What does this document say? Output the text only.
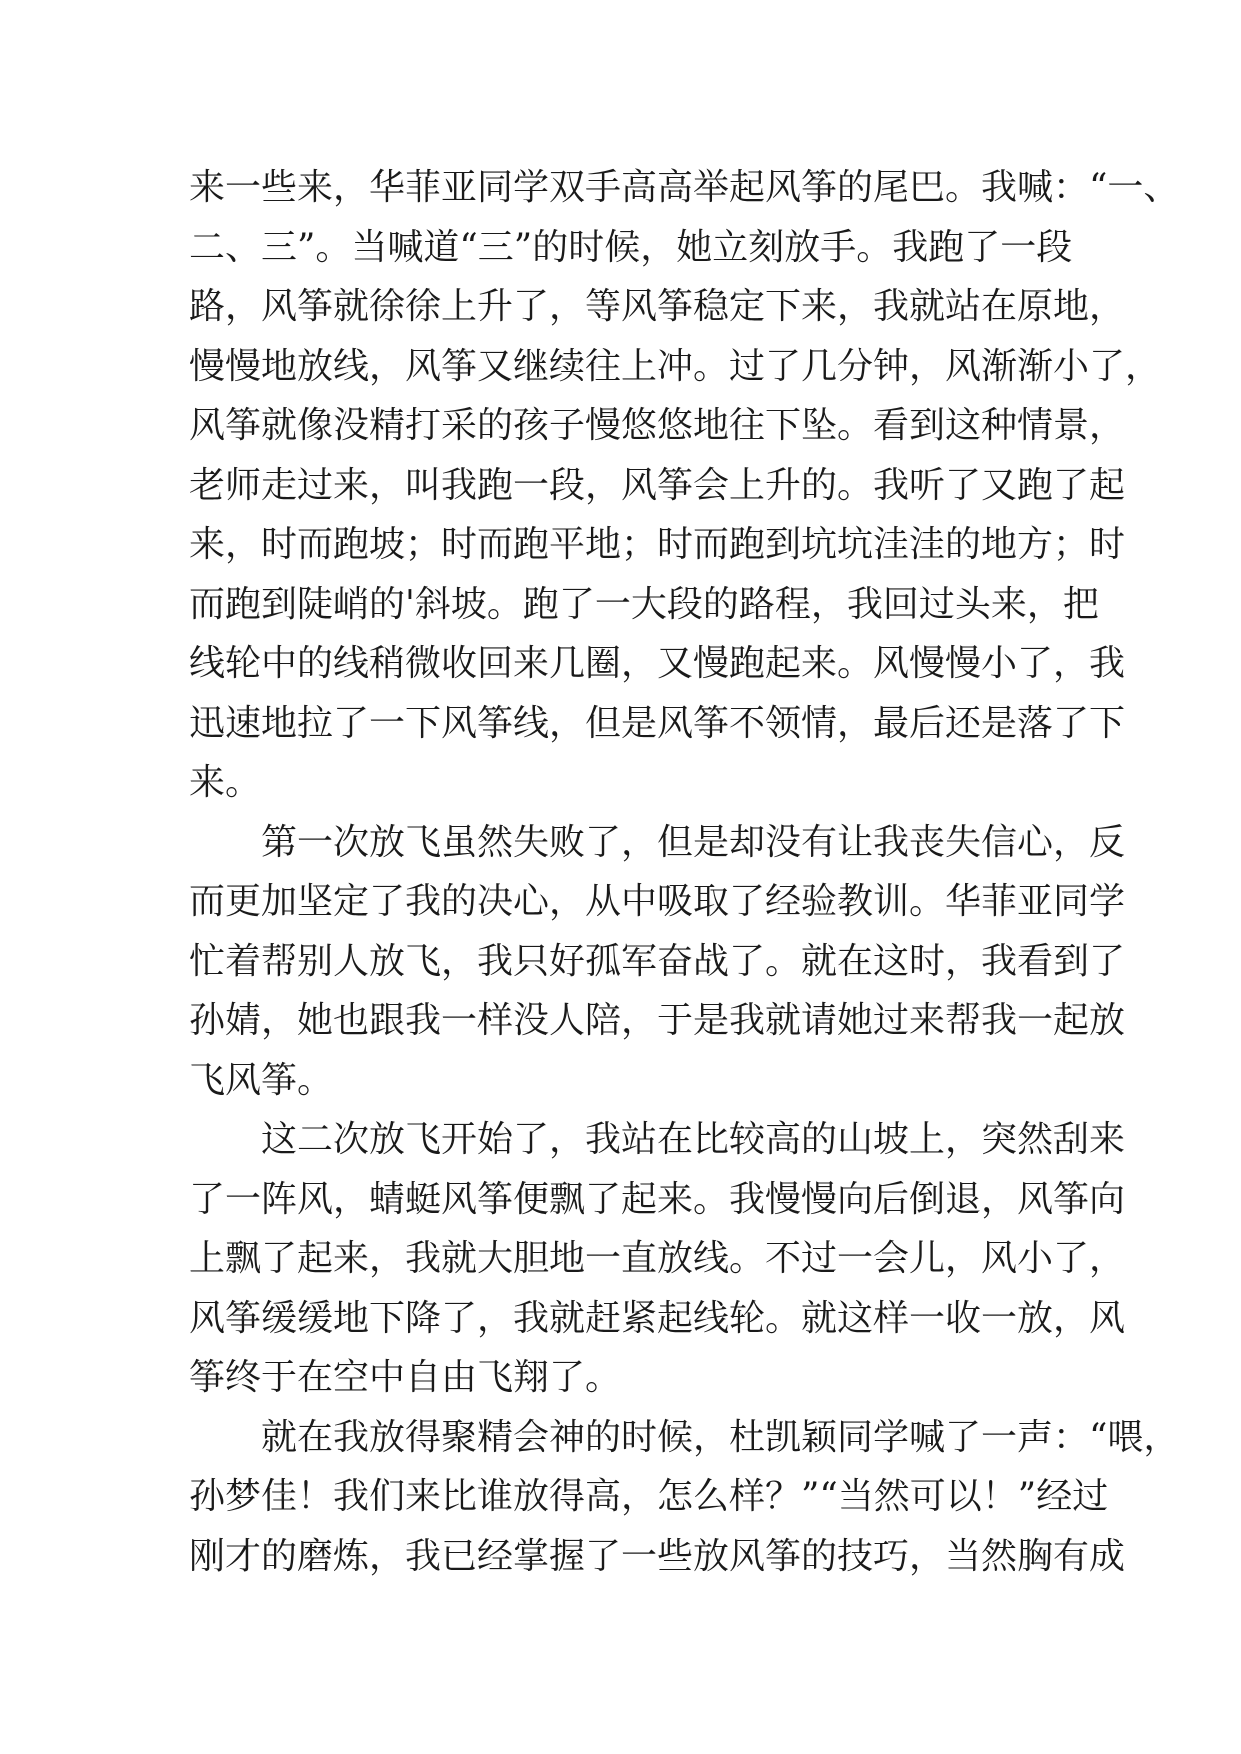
来一些来，华菲亚同学双手高高举起风筝的尾巴。我喊：“一、
二、三”。当喊道“三”的时候，她立刻放手。我跑了一段
路，风筝就徐徐上升了，等风筝稳定下来，我就站在原地，
慢慢地放线，风筝又继续往上冲。过了几分钟，风渐渐小了，
风筝就像没精打采的孩子慢悠悠地往下坠。看到这种情景，
老师走过来，叫我跑一段，风筝会上升的。我听了又跑了起
来，时而跑坡；时而跑平地；时而跑到坑坑洼洼的地方；时
而跑到陡峭的'斜坡。跑了一大段的路程，我回过头来，把
线轮中的线稍微收回来几圈，又慢跑起来。风慢慢小了，我
迅速地拉了一下风筝线，但是风筝不领情，最后还是落了下
来。
第一次放飞虽然失败了，但是却没有让我丧失信心，反
而更加坚定了我的决心，从中吸取了经验教训。华菲亚同学
忙着帮别人放飞，我只好孤军奋战了。就在这时，我看到了
孙婧，她也跟我一样没人陪，于是我就请她过来帮我一起放
飞风筝。
这二次放飞开始了，我站在比较高的山坡上，突然刮来
了一阵风，蜻蜓风筝便飘了起来。我慢慢向后倒退，风筝向
上飘了起来，我就大胆地一直放线。不过一会儿，风小了，
风筝缓缓地下降了，我就赶紧起线轮。就这样一收一放，风
筝终于在空中自由飞翔了。
就在我放得聚精会神的时候，杜凯颖同学喊了一声：“喂，
孙梦佳！我们来比谁放得高，怎么样？”“当然可以！”经过
刚才的磨炼，我已经掌握了一些放风筝的技巧，当然胸有成
